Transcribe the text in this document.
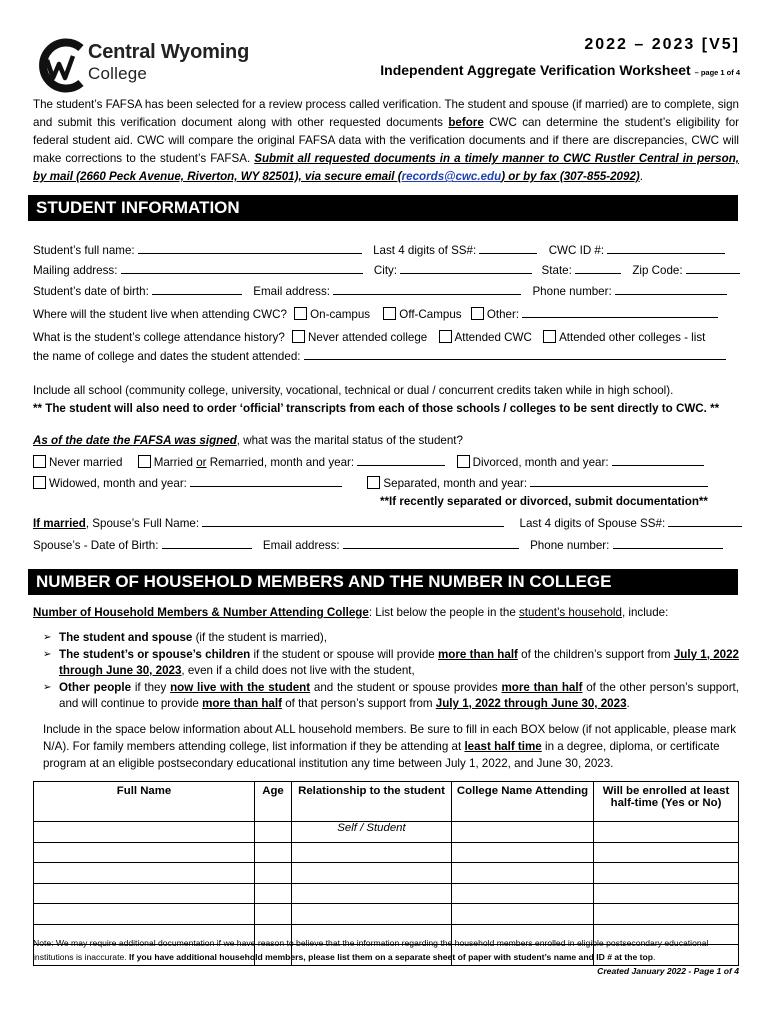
Central Wyoming
College
2022 – 2023 [V5]
Independent Aggregate Verification Worksheet – page 1 of 4
The student’s FAFSA has been selected for a review process called verification. The student and spouse (if married) are to complete, sign and submit this verification document along with other requested documents before CWC can determine the student’s eligibility for federal student aid. CWC will compare the original FAFSA data with the verification documents and if there are discrepancies, CWC will make corrections to the student’s FAFSA. Submit all requested documents in a timely manner to CWC Rustler Central in person, by mail (2660 Peck Avenue, Riverton, WY 82501), via secure email (records@cwc.edu) or by fax (307-855-2092).
STUDENT INFORMATION
Student’s full name:	Last 4 digits of SS#:	CWC ID #:
Mailing address:	City:	State:	Zip Code:
Student’s date of birth:	Email address:	Phone number:
Where will the student live when attending CWC? On-campus	Off-Campus Other:
What is the student’s college attendance history? Never attended college Attended CWC Attended other colleges - list
the name of college and dates the student attended:
Include all school (community college, university, vocational, technical or dual / concurrent credits taken while in high school).
** The student will also need to order ‘official’ transcripts from each of those schools / colleges to be sent directly to CWC. **
As of the date the FAFSA was signed, what was the marital status of the student?
Never married	Married or Remarried, month and year:	Divorced, month and year:
Widowed, month and year:	Separated, month and year:
**If recently separated or divorced, submit documentation**
If married, Spouse’s Full Name:	Last 4 digits of Spouse SS#:
Spouse’s - Date of Birth:	Email address:	Phone number:
NUMBER OF HOUSEHOLD MEMBERS AND THE NUMBER IN COLLEGE
Number of Household Members & Number Attending College: List below the people in the student’s household, include:
➢ The student and spouse (if the student is married),
➢ The student’s or spouse’s children if the student or spouse will provide more than half of the children’s support from July 1, 2022 through June 30, 2023, even if a child does not live with the student,
➢ Other people if they now live with the student and the student or spouse provides more than half of the other person’s support, and will continue to provide more than half of that person’s support from July 1, 2022 through June 30, 2023.
Include in the space below information about ALL household members. Be sure to fill in each BOX below (if not applicable, please mark N/A). For family members attending college, list information if they be attending at least half time in a degree, diploma, or certificate program at an eligible postsecondary educational institution any time between July 1, 2022, and June 30, 2023.
Full Name	Age	Relationship to the student	College Name Attending	Will be enrolled at least half-time (Yes or No)
		Self / Student		

Note: We may require additional documentation if we have reason to believe that the information regarding the household members enrolled in eligible postsecondary educational institutions is inaccurate. If you have additional household members, please list them on a separate sheet of paper with student’s name and ID # at the top.
Created January 2022 - Page 1 of 4
